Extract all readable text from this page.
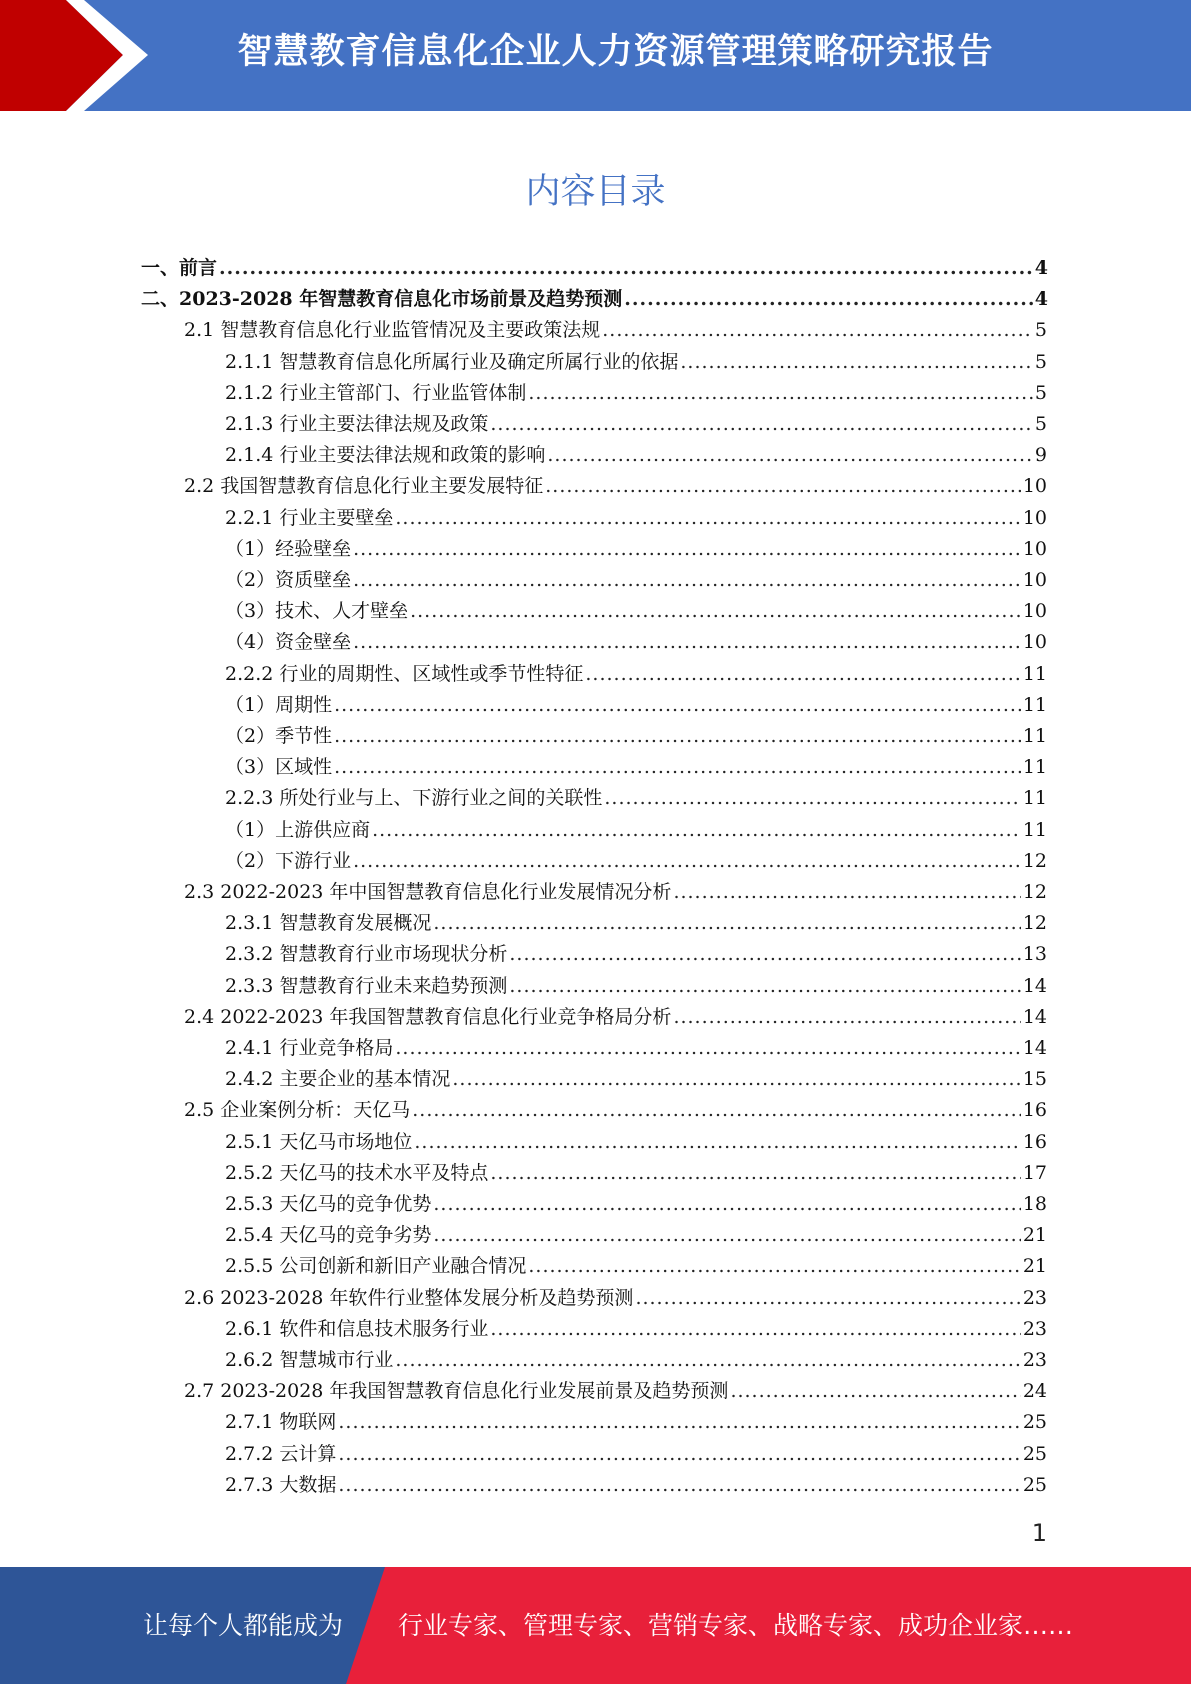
智慧教育信息化企业人力资源管理策略研究报告
内容目录
一、前言 .....	4
二、2023-2028 年智慧教育信息化市场前景及趋势预测 .....	4
2.1 智慧教育信息化行业监管情况及主要政策法规 .....	5
2.1.1 智慧教育信息化所属行业及确定所属行业的依据 .....	5
2.1.2 行业主管部门、行业监管体制 .....	5
2.1.3 行业主要法律法规及政策 .....	5
2.1.4 行业主要法律法规和政策的影响 .....	9
2.2 我国智慧教育信息化行业主要发展特征 .....	10
2.2.1 行业主要壁垒 .....	10
（1）经验壁垒 .....	10
（2）资质壁垒 .....	10
（3）技术、人才壁垒 .....	10
（4）资金壁垒 .....	10
2.2.2 行业的周期性、区域性或季节性特征 .....	11
（1）周期性 .....	11
（2）季节性 .....	11
（3）区域性 .....	11
2.2.3 所处行业与上、下游行业之间的关联性 .....	11
（1）上游供应商 .....	11
（2）下游行业 .....	12
2.3 2022-2023 年中国智慧教育信息化行业发展情况分析 .....	12
2.3.1 智慧教育发展概况 .....	12
2.3.2 智慧教育行业市场现状分析 .....	13
2.3.3 智慧教育行业未来趋势预测 .....	14
2.4 2022-2023 年我国智慧教育信息化行业竞争格局分析 .....	14
2.4.1 行业竞争格局 .....	14
2.4.2 主要企业的基本情况 .....	15
2.5 企业案例分析：天亿马 .....	16
2.5.1 天亿马市场地位 .....	16
2.5.2 天亿马的技术水平及特点 .....	17
2.5.3 天亿马的竞争优势 .....	18
2.5.4 天亿马的竞争劣势 .....	21
2.5.5 公司创新和新旧产业融合情况 .....	21
2.6 2023-2028 年软件行业整体发展分析及趋势预测 .....	23
2.6.1 软件和信息技术服务行业 .....	23
2.6.2 智慧城市行业 .....	23
2.7 2023-2028 年我国智慧教育信息化行业发展前景及趋势预测 .....	24
2.7.1 物联网 .....	25
2.7.2 云计算 .....	25
2.7.3 大数据 .....	25
1
让每个人都能成为 行业专家、管理专家、营销专家、战略专家、成功企业家……
